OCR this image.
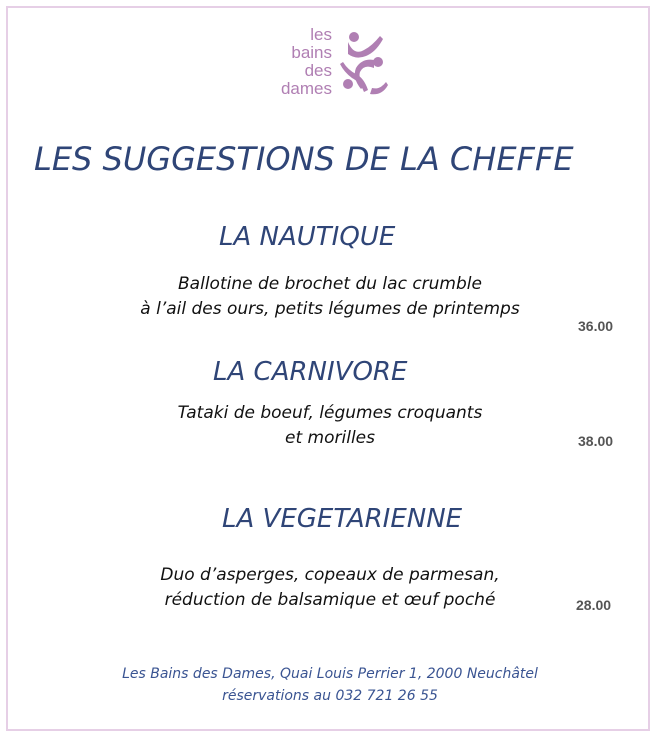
les
bains
des
dames
LES SUGGESTIONS DE LA CHEFFE
LA NAUTIQUE
Ballotine de brochet du lac crumble
à l’ail des ours, petits légumes de printemps
36.00
LA CARNIVORE
Tataki de boeuf, légumes croquants
et morilles	38.00
LA VEGETARIENNE
Duo d’asperges, copeaux de parmesan,
réduction de balsamique et œuf poché	28.00
Les Bains des Dames, Quai Louis Perrier 1, 2000 Neuchâtel
réservations au 032 721 26 55
